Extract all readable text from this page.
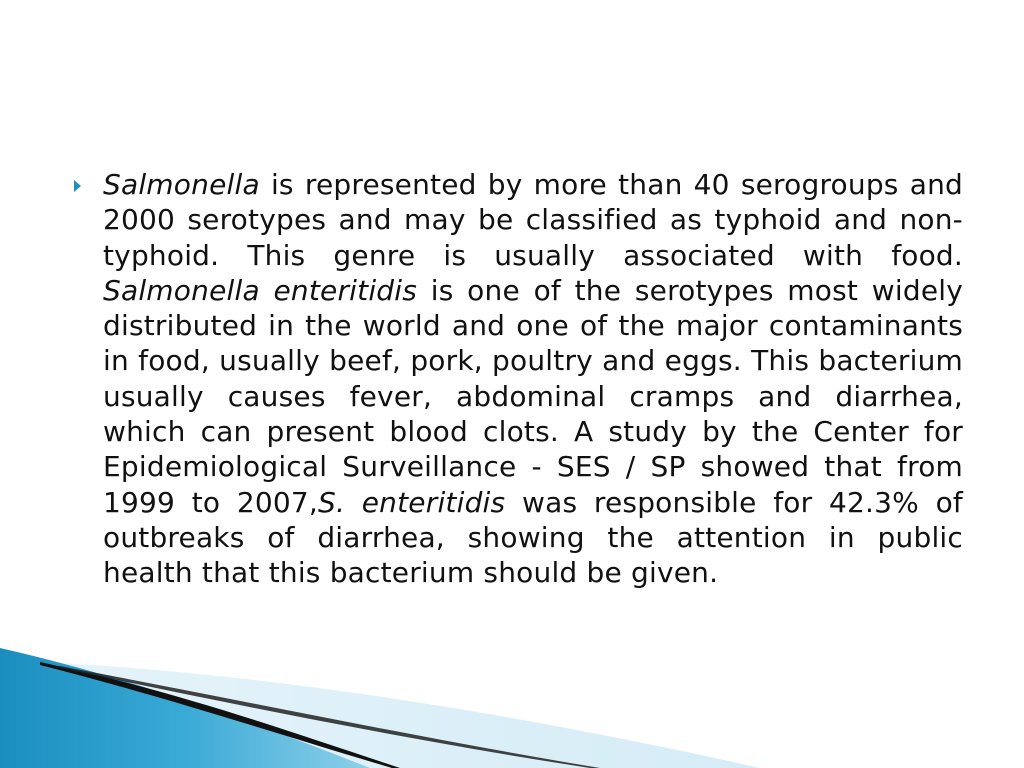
Salmonella is represented by more than 40 serogroups and 2000 serotypes and may be classified as typhoid and non-typhoid. This genre is usually associated with food. Salmonella enteritidis is one of the serotypes most widely distributed in the world and one of the major contaminants in food, usually beef, pork, poultry and eggs. This bacterium usually causes fever, abdominal cramps and diarrhea, which can present blood clots. A study by the Center for Epidemiological Surveillance - SES / SP showed that from 1999 to 2007,S. enteritidis was responsible for 42.3% of outbreaks of diarrhea, showing the attention in public health that this bacterium should be given.
